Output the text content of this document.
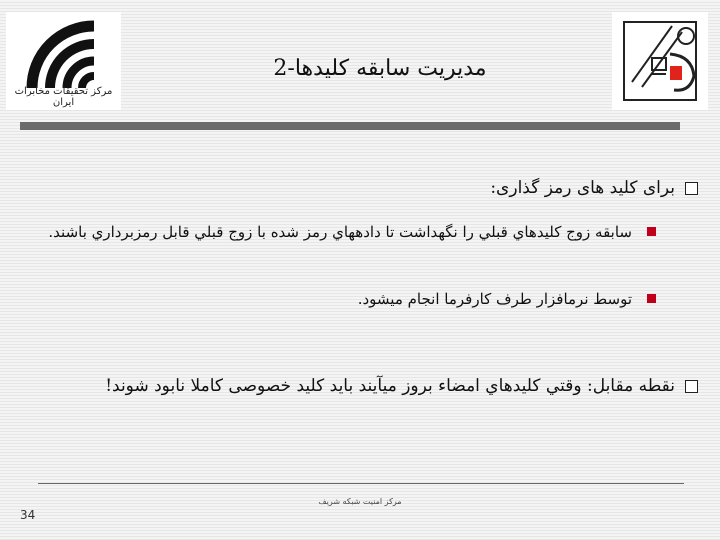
مرکز تحقیقات مخابرات ایران
مدیریت سابقه کلیدها-2
برای کلید های رمز گذاری:
سابقه زوج كليدهاي قبلي را نگهداشت تا دادههاي رمز شده با زوج قبلي قابل رمزبرداري باشند.
توسط نرمافزار طرف كارفرما انجام ميشود.
نقطه مقابل: وقتي كليدهاي امضاء بروز ميآيند بايد كليد خصوصی كاملا نابود شوند!
مرکز امنیت شبکه شریف
34
